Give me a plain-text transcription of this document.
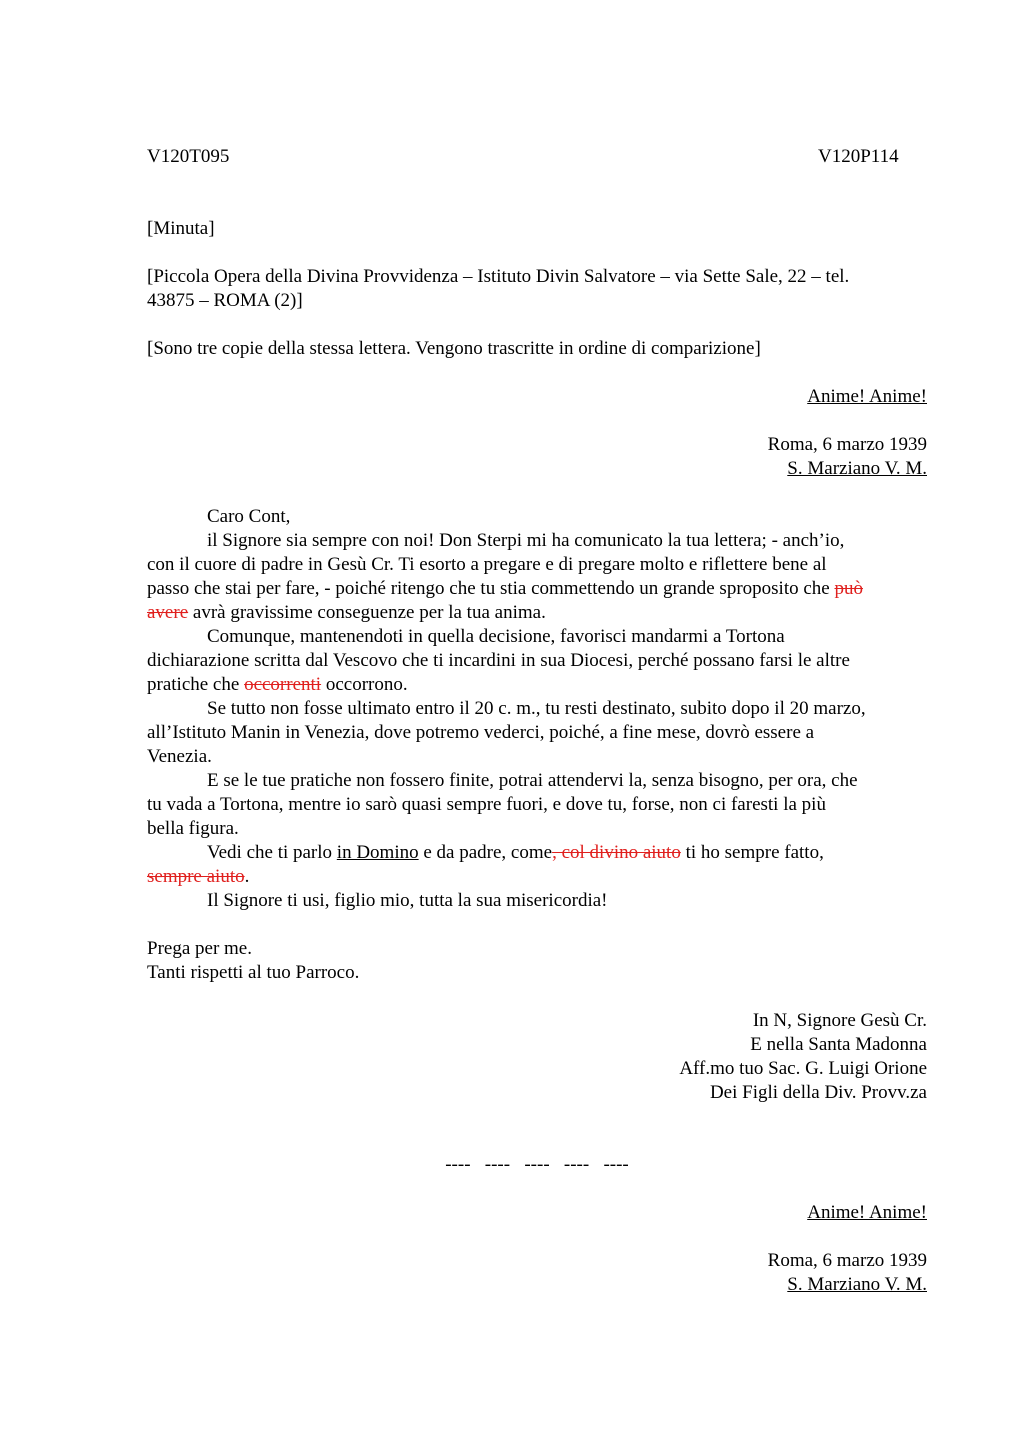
V120T095	V120P114
[Minuta]
[Piccola Opera della Divina Provvidenza – Istituto Divin Salvatore – via Sette Sale, 22 – tel.
43875 – ROMA (2)]
[Sono tre copie della stessa lettera. Vengono trascritte in ordine di comparizione]
Anime! Anime!
Roma, 6 marzo 1939
S. Marziano V. M.
Caro Cont,
il Signore sia sempre con noi! Don Sterpi mi ha comunicato la tua lettera; - anch’io,
con il cuore di padre in Gesù Cr. Ti esorto a pregare e di pregare molto e riflettere bene al
passo che stai per fare, - poiché ritengo che tu stia commettendo un grande sproposito che può
avere avrà gravissime conseguenze per la tua anima.
Comunque, mantenendoti in quella decisione, favorisci mandarmi a Tortona
dichiarazione scritta dal Vescovo che ti incardini in sua Diocesi, perché possano farsi le altre
pratiche che occorrenti occorrono.
Se tutto non fosse ultimato entro il 20 c. m., tu resti destinato, subito dopo il 20 marzo,
all’Istituto Manin in Venezia, dove potremo vederci, poiché, a fine mese, dovrò essere a
Venezia.
E se le tue pratiche non fossero finite, potrai attendervi la, senza bisogno, per ora, che
tu vada a Tortona, mentre io sarò quasi sempre fuori, e dove tu, forse, non ci faresti la più
bella figura.
Vedi che ti parlo in Domino e da padre, come, col divino aiuto ti ho sempre fatto,
sempre aiuto.
Il Signore ti usi, figlio mio, tutta la sua misericordia!
Prega per me.
Tanti rispetti al tuo Parroco.
In N, Signore Gesù Cr.
E nella Santa Madonna
Aff.mo tuo Sac. G. Luigi Orione
Dei Figli della Div. Provv.za
----   ----   ----   ----   ----
Anime! Anime!
Roma, 6 marzo 1939
S. Marziano V. M.
